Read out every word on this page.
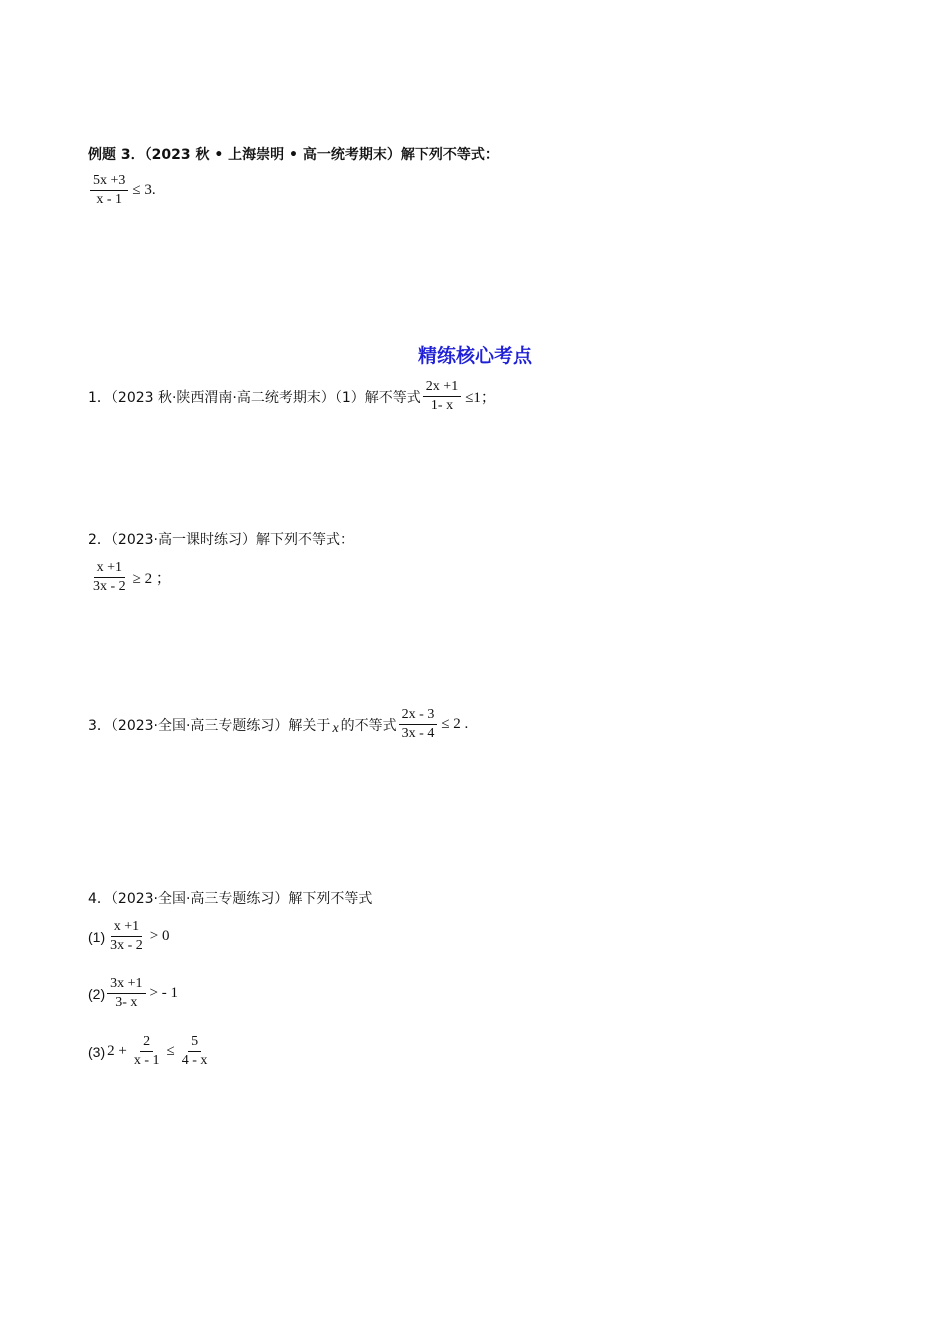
例题 3．（2023 秋 • 上海崇明 • 高一统考期末）解下列不等式：
$\frac{5x +3}{x - 1} \le 3$.
精练核心考点
1．（2023 秋·陕西渭南·高二统考期末）（1）解不等式 $\frac{2x +1}{1- x} \le 1$；
2．（2023·高一课时练习）解下列不等式：
$\frac{x +1}{3x - 2} \ge 2$ ；
3．（2023·全国·高三专题练习）解关于 x 的不等式 $\frac{2x - 3}{3x - 4} \le 2$ .
4．（2023·全国·高三专题练习）解下列不等式
$(1) \frac{x +1}{3x - 2} > 0$
$(2) \frac{3x +1}{3- x}$ > - 1
(3) $2 + \frac{2}{x - 1} \le \frac{5}{4 - x}$
